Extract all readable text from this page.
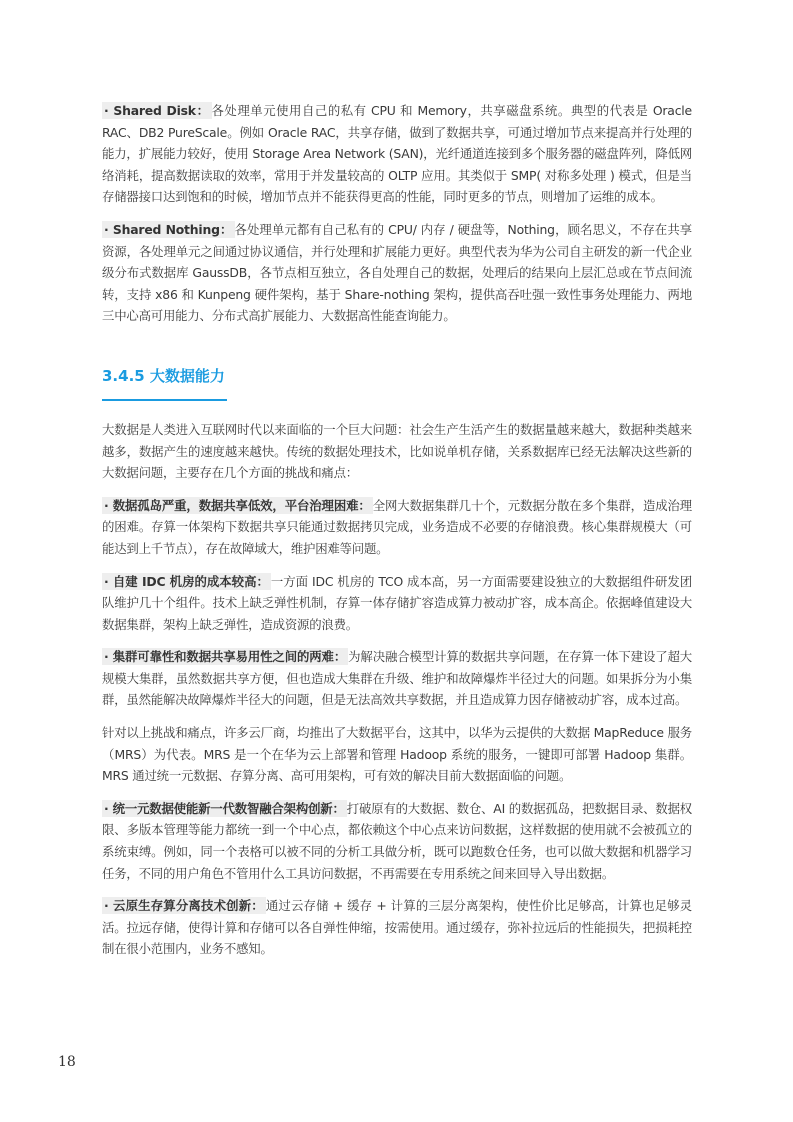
· Shared Disk： 各处理单元使用自己的私有 CPU 和 Memory，共享磁盘系统。典型的代表是 Oracle RAC、DB2 PureScale。例如 Oracle RAC，共享存储，做到了数据共享，可通过增加节点来提高并行处理的能力，扩展能力较好，使用 Storage Area Network (SAN)，光纤通道连接到多个服务器的磁盘阵列，降低网络消耗，提高数据读取的效率，常用于并发量较高的 OLTP 应用。其类似于 SMP( 对称多处理 ) 模式，但是当存储器接口达到饱和的时候，增加节点并不能获得更高的性能，同时更多的节点，则增加了运维的成本。

· Shared Nothing： 各处理单元都有自己私有的 CPU/ 内存 / 硬盘等，Nothing，顾名思义，不存在共享资源，各处理单元之间通过协议通信，并行处理和扩展能力更好。典型代表为华为公司自主研发的新一代企业级分布式数据库 GaussDB，各节点相互独立，各自处理自己的数据，处理后的结果向上层汇总或在节点间流转，支持 x86 和 Kunpeng 硬件架构，基于 Share-nothing 架构，提供高吞吐强一致性事务处理能力、两地三中心高可用能力、分布式高扩展能力、大数据高性能查询能力。

3.4.5 大数据能力

大数据是人类进入互联网时代以来面临的一个巨大问题：社会生产生活产生的数据量越来越大，数据种类越来越多，数据产生的速度越来越快。传统的数据处理技术，比如说单机存储，关系数据库已经无法解决这些新的大数据问题，主要存在几个方面的挑战和痛点：

· 数据孤岛严重，数据共享低效，平台治理困难： 全网大数据集群几十个，元数据分散在多个集群，造成治理的困难。存算一体架构下数据共享只能通过数据拷贝完成，业务造成不必要的存储浪费。核心集群规模大（可能达到上千节点），存在故障域大，维护困难等问题。

· 自建 IDC 机房的成本较高： 一方面 IDC 机房的 TCO 成本高，另一方面需要建设独立的大数据组件研发团队维护几十个组件。技术上缺乏弹性机制，存算一体存储扩容造成算力被动扩容，成本高企。依据峰值建设大数据集群，架构上缺乏弹性，造成资源的浪费。

· 集群可靠性和数据共享易用性之间的两难： 为解决融合模型计算的数据共享问题，在存算一体下建设了超大规模大集群，虽然数据共享方便，但也造成大集群在升级、维护和故障爆炸半径过大的问题。如果拆分为小集群，虽然能解决故障爆炸半径大的问题，但是无法高效共享数据，并且造成算力因存储被动扩容，成本过高。

针对以上挑战和痛点，许多云厂商，均推出了大数据平台，这其中，以华为云提供的大数据 MapReduce 服务（MRS）为代表。MRS 是一个在华为云上部署和管理 Hadoop 系统的服务，一键即可部署 Hadoop 集群。MRS 通过统一元数据、存算分离、高可用架构，可有效的解决目前大数据面临的问题。

· 统一元数据使能新一代数智融合架构创新： 打破原有的大数据、数仓、AI 的数据孤岛，把数据目录、数据权限、多版本管理等能力都统一到一个中心点，都依赖这个中心点来访问数据，这样数据的使用就不会被孤立的系统束缚。例如，同一个表格可以被不同的分析工具做分析，既可以跑数仓任务，也可以做大数据和机器学习任务，不同的用户角色不管用什么工具访问数据，不再需要在专用系统之间来回导入导出数据。

· 云原生存算分离技术创新： 通过云存储 + 缓存 + 计算的三层分离架构，使性价比足够高，计算也足够灵活。拉远存储，使得计算和存储可以各自弹性伸缩，按需使用。通过缓存，弥补拉远后的性能损失，把损耗控制在很小范围内，业务不感知。

18
